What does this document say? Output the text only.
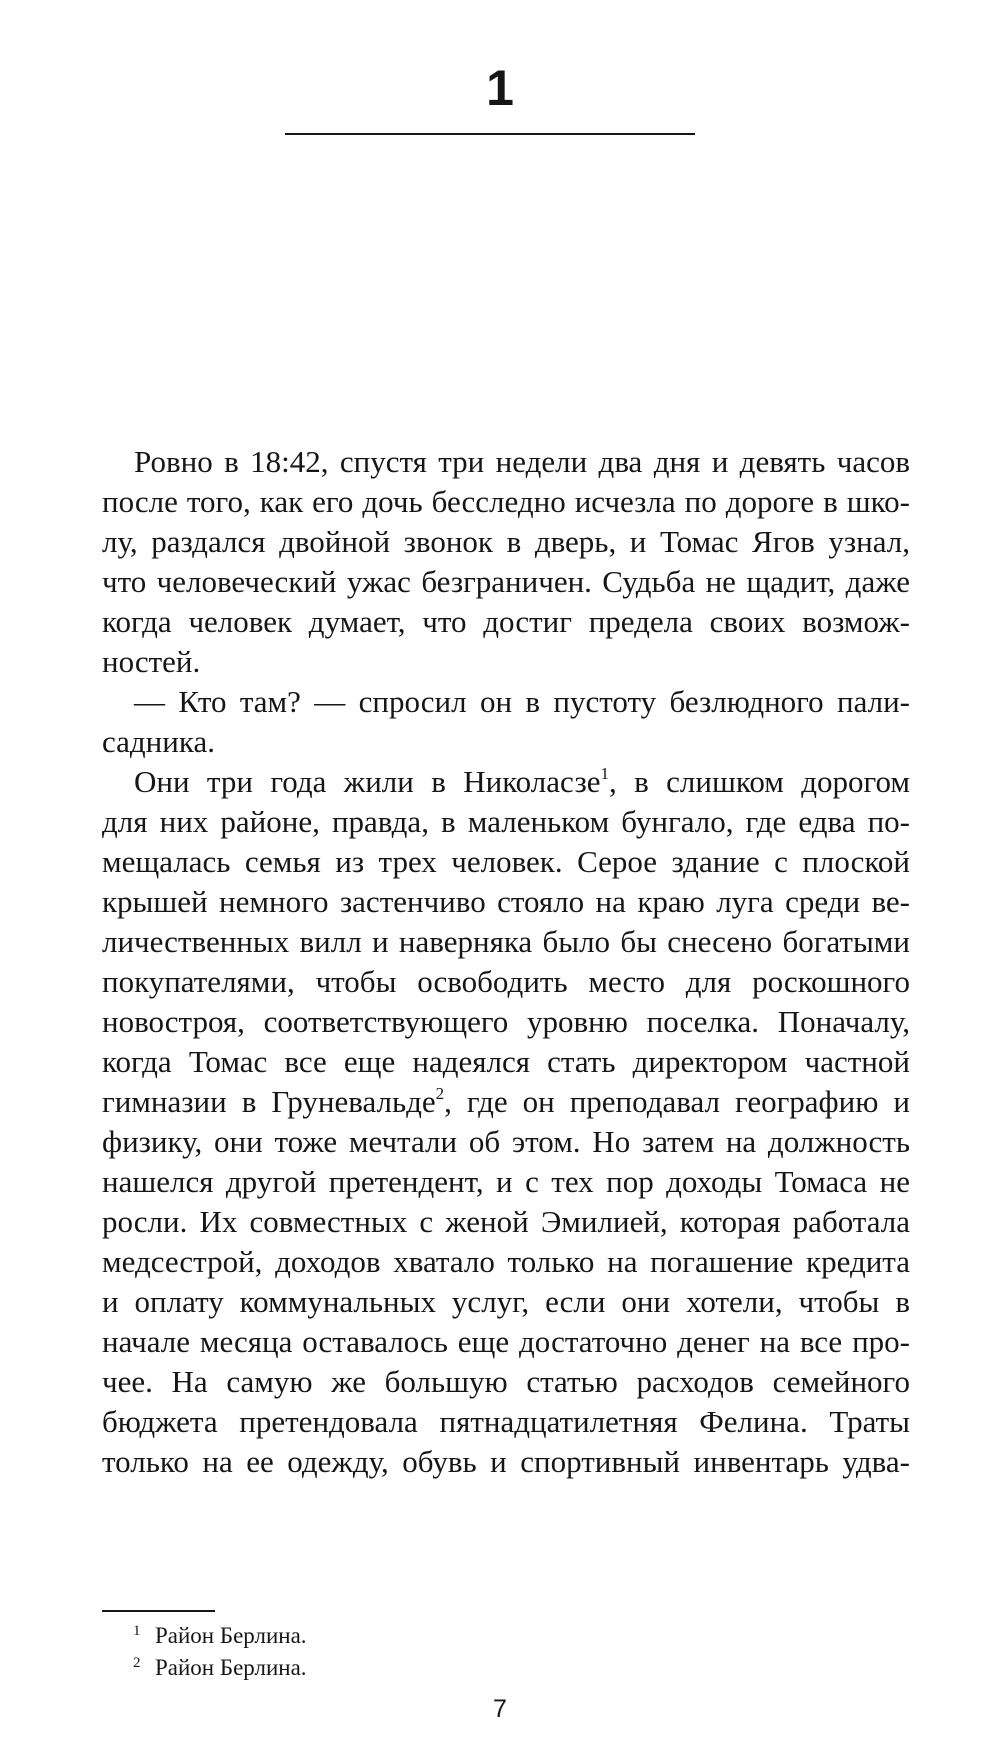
1
Ровно в 18:42, спустя три недели два дня и девять часов
после того, как его дочь бесследно исчезла по дороге в шко-
лу, раздался двойной звонок в дверь, и Томас Ягов узнал,
что человеческий ужас безграничен. Судьба не щадит, даже
когда человек думает, что достиг предела своих возмож-
ностей.
— Кто там? — спросил он в пустоту безлюдного пали-
садника.
Они три года жили в Николасзе$^1$, в слишком дорогом
для них районе, правда, в маленьком бунгало, где едва по-
мещалась семья из трех человек. Серое здание с плоской
крышей немного застенчиво стояло на краю луга среди ве-
личественных вилл и наверняка было бы снесено богатыми
покупателями, чтобы освободить место для роскошного
новостроя, соответствующего уровню поселка. Поначалу,
когда Томас все еще надеялся стать директором частной
гимназии в Груневальде$^2$, где он преподавал географию и
физику, они тоже мечтали об этом. Но затем на должность
нашелся другой претендент, и с тех пор доходы Томаса не
росли. Их совместных с женой Эмилией, которая работала
медсестрой, доходов хватало только на погашение кредита
и оплату коммунальных услуг, если они хотели, чтобы в
начале месяца оставалось еще достаточно денег на все про-
чее. На самую же большую статью расходов семейного
бюджета претендовала пятнадцатилетняя Фелина. Траты
только на ее одежду, обувь и спортивный инвентарь удва-
1 Район Берлина.
2 Район Берлина.
7
